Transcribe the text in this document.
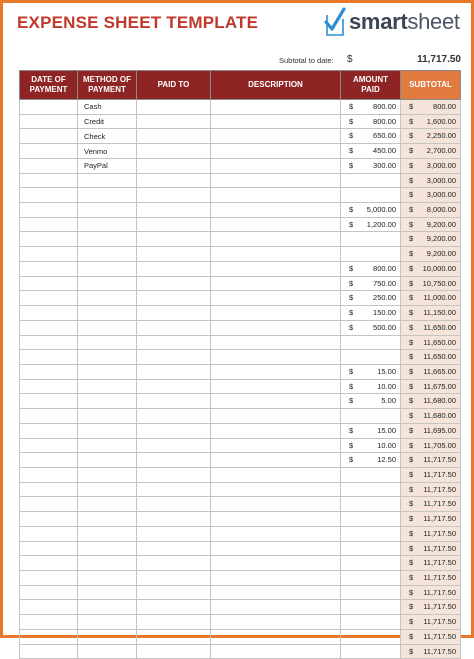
EXPENSE SHEET TEMPLATE	smartsheet
Subtotal to date: $	11,717.50
DATE OF PAYMENT	METHOD OF PAYMENT	PAID TO	DESCRIPTION	AMOUNT PAID	SUBTOTAL
	Cash			$ 800.00	$ 800.00

	Credit			$ 800.00	$ 1,600.00

	Check			$ 650.00	$ 2,250.00

	Venmo			$ 450.00	$ 2,700.00

	PayPal			$ 300.00	$ 3,000.00

					$ 3,000.00

					$ 3,000.00

				$ 5,000.00	$ 8,000.00

				$ 1,200.00	$ 9,200.00

					$ 9,200.00

					$ 9,200.00

				$ 800.00	$ 10,000.00

				$ 750.00	$ 10,750.00

				$ 250.00	$ 11,000.00

				$ 150.00	$ 11,150.00

				$ 500.00	$ 11,650.00

					$ 11,650.00

					$ 11,650.00

				$ 15.00	$ 11,665.00

				$ 10.00	$ 11,675.00

				$ 5.00	$ 11,680.00

					$ 11,680.00

				$ 15.00	$ 11,695.00

				$ 10.00	$ 11,705.00

				$ 12.50	$ 11,717.50

					$ 11,717.50

					$ 11,717.50

					$ 11,717.50

					$ 11,717.50

					$ 11,717.50

					$ 11,717.50

					$ 11,717.50

					$ 11,717.50

					$ 11,717.50

					$ 11,717.50

					$ 11,717.50

					$ 11,717.50

					$ 11,717.50
